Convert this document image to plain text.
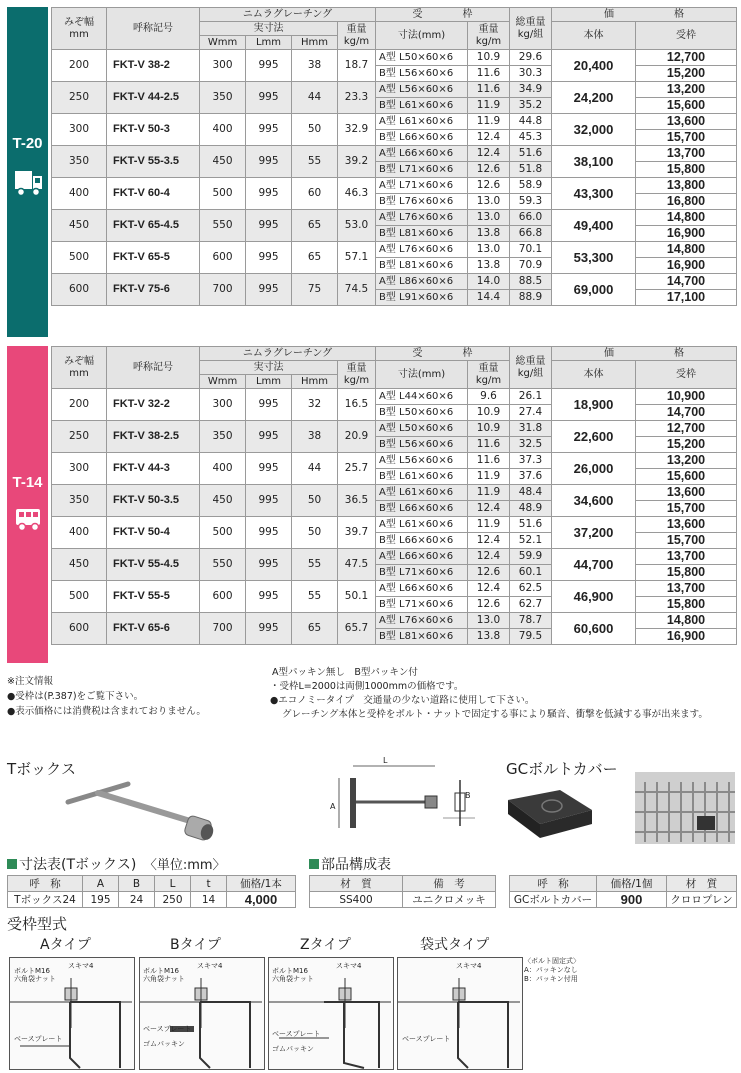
T-20
みぞ幅
mm	呼称記号	ニムラグレーチング				受　　　　 枠		総重量
kg/組	価　　　　　　 格	
		実寸法			重量
kg/m	寸法(mm)	重量
kg/m		本体	受枠
		Wmm	Lmm	Hmm						
200	FKT-V 38-2	300	995	38	18.7	A型 L50×60×6	10.9	29.6	20,400	12,700
						B型 L56×60×6	11.6	30.3		15,200
250	FKT-V 44-2.5	350	995	44	23.3	A型 L56×60×6	11.6	34.9	24,200	13,200
						B型 L61×60×6	11.9	35.2		15,600
300	FKT-V 50-3	400	995	50	32.9	A型 L61×60×6	11.9	44.8	32,000	13,600
						B型 L66×60×6	12.4	45.3		15,700
350	FKT-V 55-3.5	450	995	55	39.2	A型 L66×60×6	12.4	51.6	38,100	13,700
						B型 L71×60×6	12.6	51.8		15,800
400	FKT-V 60-4	500	995	60	46.3	A型 L71×60×6	12.6	58.9	43,300	13,800
						B型 L76×60×6	13.0	59.3		16,800
450	FKT-V 65-4.5	550	995	65	53.0	A型 L76×60×6	13.0	66.0	49,400	14,800
						B型 L81×60×6	13.8	66.8		16,900
500	FKT-V 65-5	600	995	65	57.1	A型 L76×60×6	13.0	70.1	53,300	14,800
						B型 L81×60×6	13.8	70.9		16,900
600	FKT-V 75-6	700	995	75	74.5	A型 L86×60×6	14.0	88.5	69,000	14,700
						B型 L91×60×6	14.4	88.9		17,100
T-14
みぞ幅
mm	呼称記号	ニムラグレーチング				受　　　　 枠		総重量
kg/組	価　　　　　　 格	
		実寸法			重量
kg/m	寸法(mm)	重量
kg/m		本体	受枠
		Wmm	Lmm	Hmm						
200	FKT-V 32-2	300	995	32	16.5	A型 L44×60×6	9.6	26.1	18,900	10,900
						B型 L50×60×6	10.9	27.4		14,700
250	FKT-V 38-2.5	350	995	38	20.9	A型 L50×60×6	10.9	31.8	22,600	12,700
						B型 L56×60×6	11.6	32.5		15,200
300	FKT-V 44-3	400	995	44	25.7	A型 L56×60×6	11.6	37.3	26,000	13,200
						B型 L61×60×6	11.9	37.6		15,600
350	FKT-V 50-3.5	450	995	50	36.5	A型 L61×60×6	11.9	48.4	34,600	13,600
						B型 L66×60×6	12.4	48.9		15,700
400	FKT-V 50-4	500	995	50	39.7	A型 L61×60×6	11.9	51.6	37,200	13,600
						B型 L66×60×6	12.4	52.1		15,700
450	FKT-V 55-4.5	550	995	55	47.5	A型 L66×60×6	12.4	59.9	44,700	13,700
						B型 L71×60×6	12.6	60.1		15,800
500	FKT-V 55-5	600	995	55	50.1	A型 L66×60×6	12.4	62.5	46,900	13,700
						B型 L71×60×6	12.6	62.7		15,800
600	FKT-V 65-6	700	995	65	65.7	A型 L76×60×6	13.0	78.7	60,600	14,800
						B型 L81×60×6	13.8	79.5		16,900
※注文情報
●受枠は(P.387)をご覧下さい。
●表示価格には消費税は含まれておりません。
A型パッキン無し　B型パッキン付
・受枠L=2000は両側1000mmの価格です。
●エコノミータイプ　交通量の少ない道路に使用して下さい。
グレーチング本体と受枠をボルト・ナットで固定する事により騒音、衝撃を低減する事が出来ます。
Tボックス	L
A
B
GCボルトカバー
寸法表(Tボックス)　 〈単位:mm〉	部品構成表
呼　称	A	B	L	t	価格/1本
Tボックス24	195	24	250	14	4,000
材　質	備　考
SS400	ユニクロメッキ
呼　称	価格/1個	材　質
GCボルトカバー	900	クロロプレン
受枠型式
Aタイプ	Bタイプ	Zタイプ	袋式タイプ
ボルトM16
六角袋ナット
スキマ4
ベースプレート
ボルトM16
六角袋ナット
スキマ4
ベースプレート
ゴムパッキン
ボルトM16
六角袋ナット
スキマ4
ベースプレート
ゴムパッキン
スキマ4
ベースプレート
〈ボルト固定式〉
A：パッキンなし
B：パッキン付用
